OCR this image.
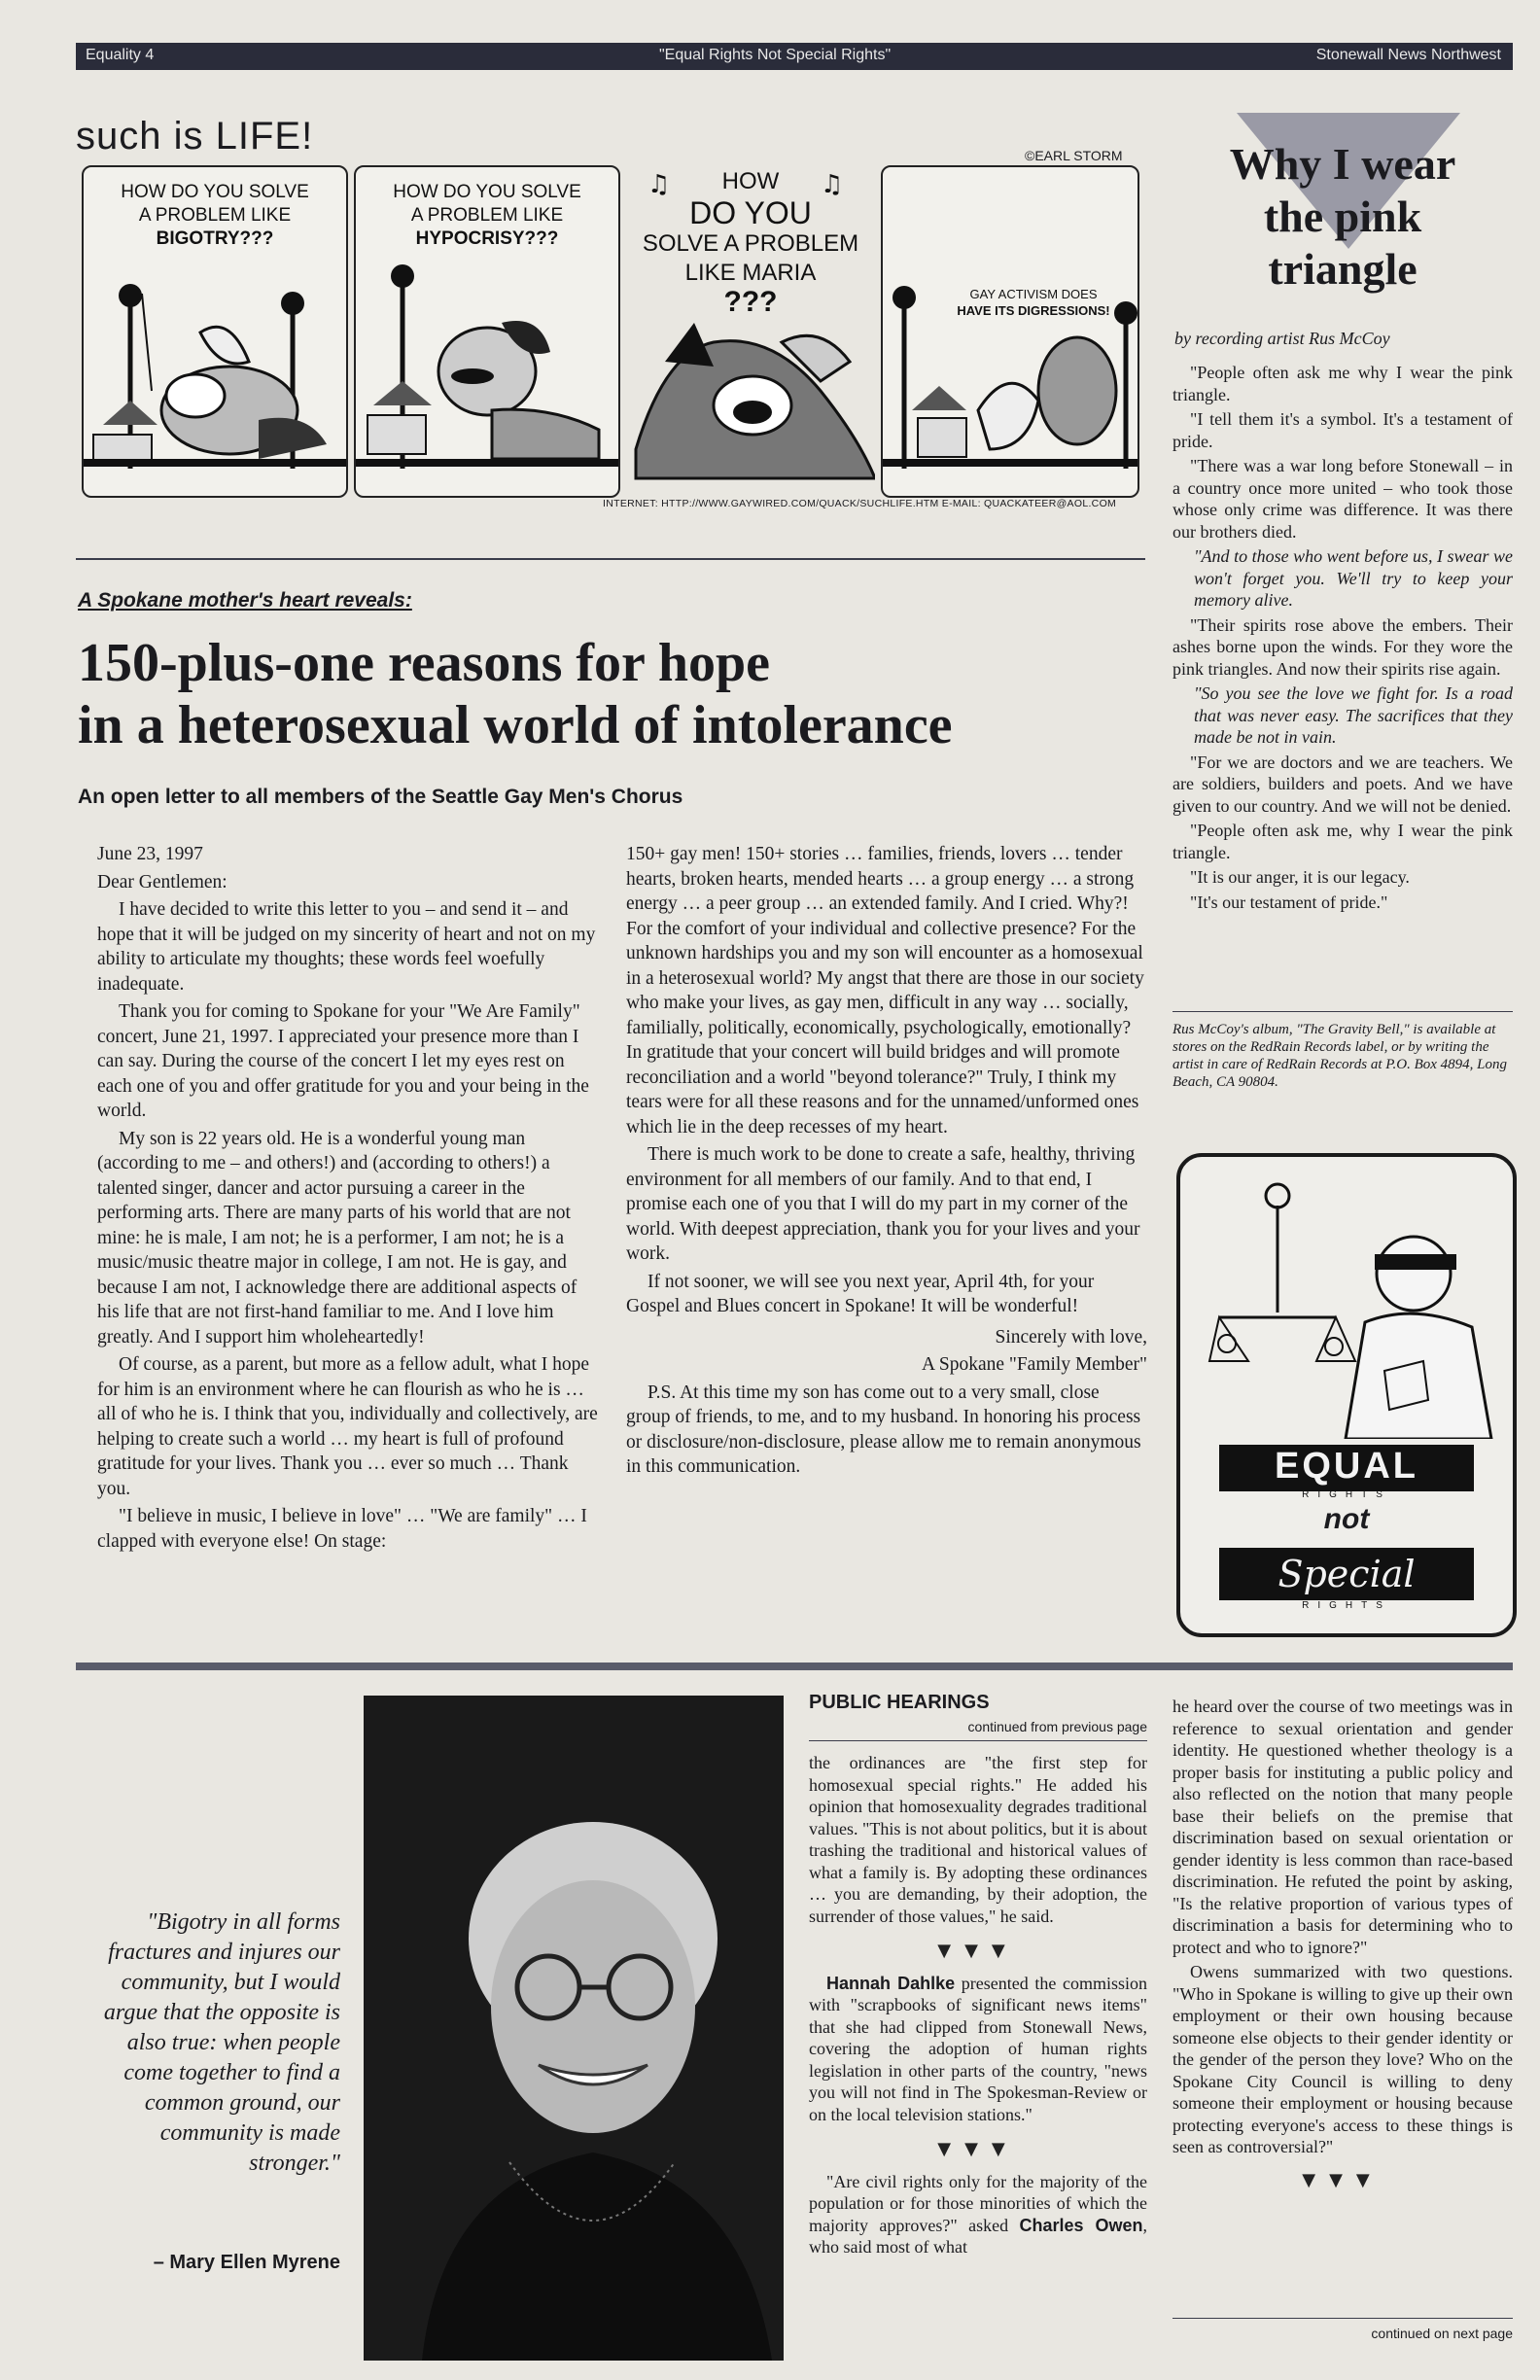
Equality 4	"Equal Rights Not Special Rights"	Stonewall News Northwest
such is LIFE!	©EARL STORM
HOW DO YOU SOLVE
A PROBLEM LIKE
BIGOTRY???
HOW DO YOU SOLVE
A PROBLEM LIKE
HYPOCRISY???
HOW
DO YOU
SOLVE A PROBLEM
LIKE MARIA
???
♫	♫
GAY ACTIVISM DOES
HAVE ITS DIGRESSIONS!
INTERNET: HTTP://WWW.GAYWIRED.COM/QUACK/SUCHLIFE.HTM E-MAIL: QUACKATEER@AOL.COM
A Spokane mother's heart reveals:
150-plus-one reasons for hope
in a heterosexual world of intolerance
An open letter to all members of the Seattle Gay Men's Chorus

June 23, 1997

Dear Gentlemen:

I have decided to write this letter to you – and send it – and hope that it will be judged on my sincerity of heart and not on my ability to articulate my thoughts; these words feel woefully inadequate.

Thank you for coming to Spokane for your "We Are Family" concert, June 21, 1997. I appreciated your presence more than I can say. During the course of the concert I let my eyes rest on each one of you and offer gratitude for you and your being in the world.

My son is 22 years old. He is a wonderful young man (according to me – and others!) and (according to others!) a talented singer, dancer and actor pursuing a career in the performing arts. There are many parts of his world that are not mine: he is male, I am not; he is a performer, I am not; he is a music/music theatre major in college, I am not. He is gay, and because I am not, I acknowledge there are additional aspects of his life that are not first-hand familiar to me. And I love him greatly. And I support him wholeheartedly!

Of course, as a parent, but more as a fellow adult, what I hope for him is an environment where he can flourish as who he is … all of who he is. I think that you, individually and collectively, are helping to create such a world … my heart is full of profound gratitude for your lives. Thank you … ever so much … Thank you.

"I believe in music, I believe in love" … "We are family" … I clapped with everyone else! On stage:

150+ gay men! 150+ stories … families, friends, lovers … tender hearts, broken hearts, mended hearts … a group energy … a strong energy … a peer group … an extended family. And I cried. Why?! For the comfort of your individual and collective presence? For the unknown hardships you and my son will encounter as a homosexual in a heterosexual world? My angst that there are those in our society who make your lives, as gay men, difficult in any way … socially, familially, politically, economically, psychologically, emotionally? In gratitude that your concert will build bridges and will promote reconciliation and a world "beyond tolerance?" Truly, I think my tears were for all these reasons and for the unnamed/unformed ones which lie in the deep recesses of my heart.

There is much work to be done to create a safe, healthy, thriving environment for all members of our family. And to that end, I promise each one of you that I will do my part in my corner of the world. With deepest appreciation, thank you for your lives and your work.

If not sooner, we will see you next year, April 4th, for your Gospel and Blues concert in Spokane! It will be wonderful!

Sincerely with love,

A Spokane "Family Member"

P.S. At this time my son has come out to a very small, close group of friends, to me, and to my husband. In honoring his process or disclosure/non-disclosure, please allow me to remain anonymous in this communication.

Why I wear
the pink
triangle
by recording artist Rus McCoy

"People often ask me why I wear the pink triangle.

"I tell them it's a symbol. It's a testament of pride.

"There was a war long before Stonewall – in a country once more united – who took those whose only crime was difference. It was there our brothers died.

"And to those who went before us, I swear we won't forget you. We'll try to keep your memory alive.

"Their spirits rose above the embers. Their ashes borne upon the winds. For they wore the pink triangles. And now their spirits rise again.

"So you see the love we fight for. Is a road that was never easy. The sacrifices that they made be not in vain.

"For we are doctors and we are teachers. We are soldiers, builders and poets. And we have given to our country. And we will not be denied.

"People often ask me, why I wear the pink triangle.

"It is our anger, it is our legacy.

"It's our testament of pride."

Rus McCoy's album, "The Gravity Bell," is available at stores on the RedRain Records label, or by writing the artist in care of RedRain Records at P.O. Box 4894, Long Beach, CA 90804.
EQUAL
RIGHTS
not
Special
RIGHTS
"Bigotry in all forms fractures and injures our community, but I would argue that the opposite is also true: when people come together to find a common ground, our community is made stronger."
– Mary Ellen Myrene
PUBLIC HEARINGS
continued from previous page

the ordinances are "the first step for homosexual special rights." He added his opinion that homosexuality degrades traditional values. "This is not about politics, but it is about trashing the traditional and historical values of what a family is. By adopting these ordinances … you are demanding, by their adoption, the surrender of those values," he said.

▼▼▼

Hannah Dahlke presented the commission with "scrapbooks of significant news items" that she had clipped from Stonewall News, covering the adoption of human rights legislation in other parts of the country, "news you will not find in The Spokesman-Review or on the local television stations."

▼▼▼

"Are civil rights only for the majority of the population or for those minorities of which the majority approves?" asked Charles Owen, who said most of what

he heard over the course of two meetings was in reference to sexual orientation and gender identity. He questioned whether theology is a proper basis for instituting a public policy and also reflected on the notion that many people base their beliefs on the premise that discrimination based on sexual orientation or gender identity is less common than race-based discrimination. He refuted the point by asking, "Is the relative proportion of various types of discrimination a basis for determining who to protect and who to ignore?"

Owens summarized with two questions. "Who in Spokane is willing to give up their own employment or their own housing because someone else objects to their gender identity or the gender of the person they love? Who on the Spokane City Council is willing to deny someone their employment or housing because protecting everyone's access to these things is seen as controversial?"

▼▼▼
continued on next page
